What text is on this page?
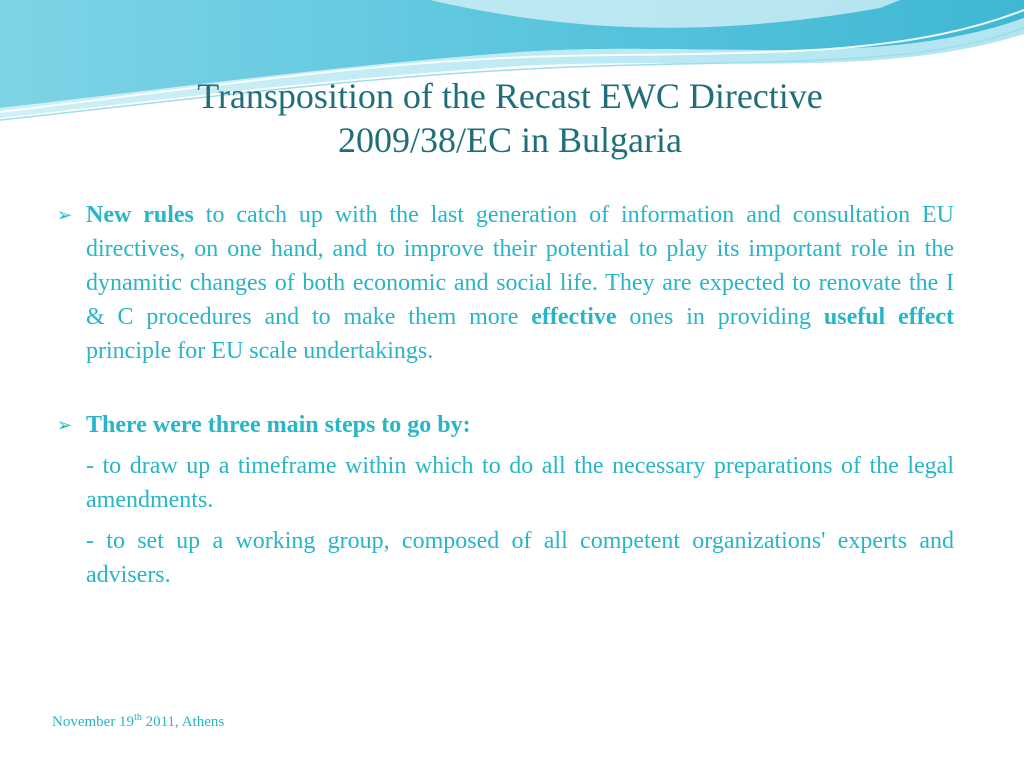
Transposition of the Recast EWC Directive
2009/38/EC in Bulgaria
➢ New rules to catch up with the last generation of information and consultation EU directives, on one hand, and to improve their potential to play its important role in the dynamitic changes of both economic and social life. They are expected to renovate the I & C procedures and to make them more effective ones in providing useful effect principle for EU scale undertakings.
➢ There were three main steps to go by:
- to draw up a timeframe within which to do all the necessary preparations of the legal amendments.
- to set up a working group, composed of all competent organizations' experts and advisers.
November 19th 2011, Athens
